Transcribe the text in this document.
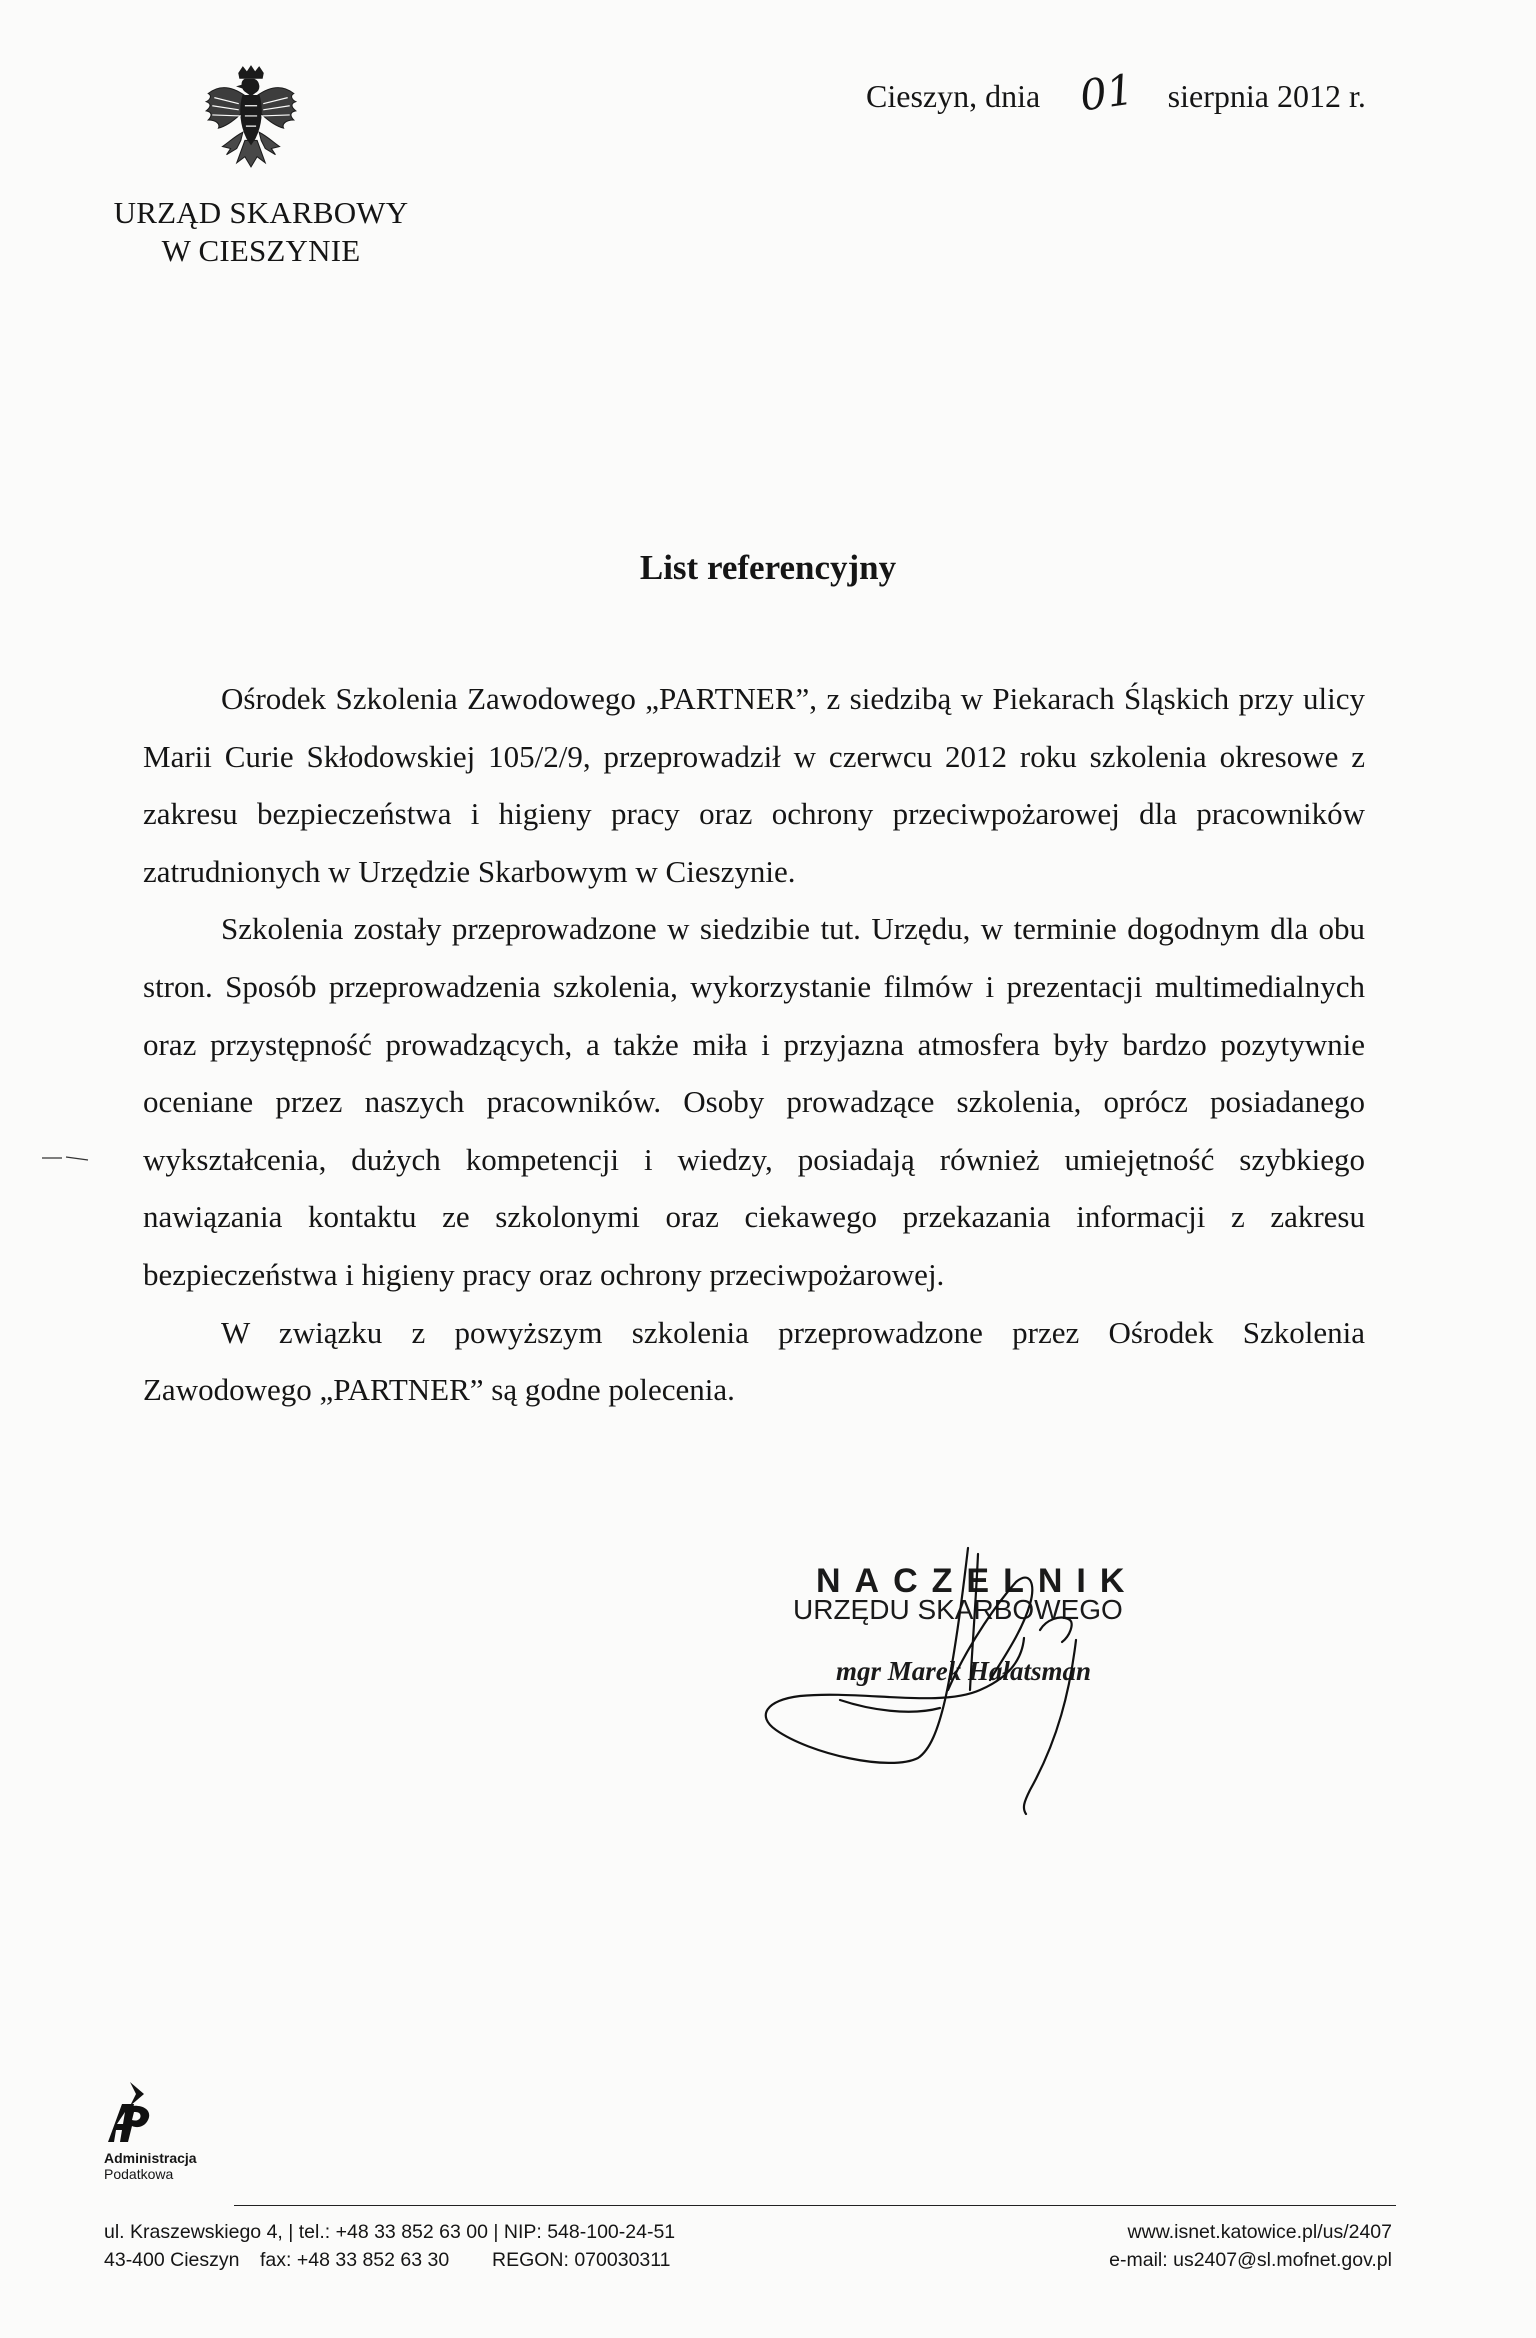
URZĄD SKARBOWY
W CIESZYNIE
Cieszyn, dnia 01 sierpnia 2012 r.
List referencyjny

Ośrodek Szkolenia Zawodowego „PARTNER”, z siedzibą w Piekarach Śląskich przy ulicy Marii Curie Skłodowskiej 105/2/9, przeprowadził w czerwcu 2012 roku szkolenia okresowe z zakresu bezpieczeństwa i higieny pracy oraz ochrony przeciwpożarowej dla pracowników zatrudnionych w Urzędzie Skarbowym w Cieszynie.

Szkolenia zostały przeprowadzone w siedzibie tut. Urzędu, w terminie dogodnym dla obu stron. Sposób przeprowadzenia szkolenia, wykorzystanie filmów i prezentacji multimedialnych oraz przystępność prowadzących, a także miła i przyjazna atmosfera były bardzo pozytywnie oceniane przez naszych pracowników. Osoby prowadzące szkolenia, oprócz posiadanego wykształcenia, dużych kompetencji i wiedzy, posiadają również umiejętność szybkiego nawiązania kontaktu ze szkolonymi oraz ciekawego przekazania informacji z zakresu bezpieczeństwa i higieny pracy oraz ochrony przeciwpożarowej.

W związku z powyższym szkolenia przeprowadzone przez Ośrodek Szkolenia Zawodowego „PARTNER” są godne polecenia.

NACZELNIK
URZĘDU SKARBOWEGO
mgr Marek Hałatsman
Administracja
Podatkowa
ul. Kraszewskiego 4, | tel.: +48 33 852 63 00 | NIP: 548-100-24-51
43-400 Cieszyn fax: +48 33 852 63 30 REGON: 070030311
www.isnet.katowice.pl/us/2407
e-mail: us2407@sl.mofnet.gov.pl
